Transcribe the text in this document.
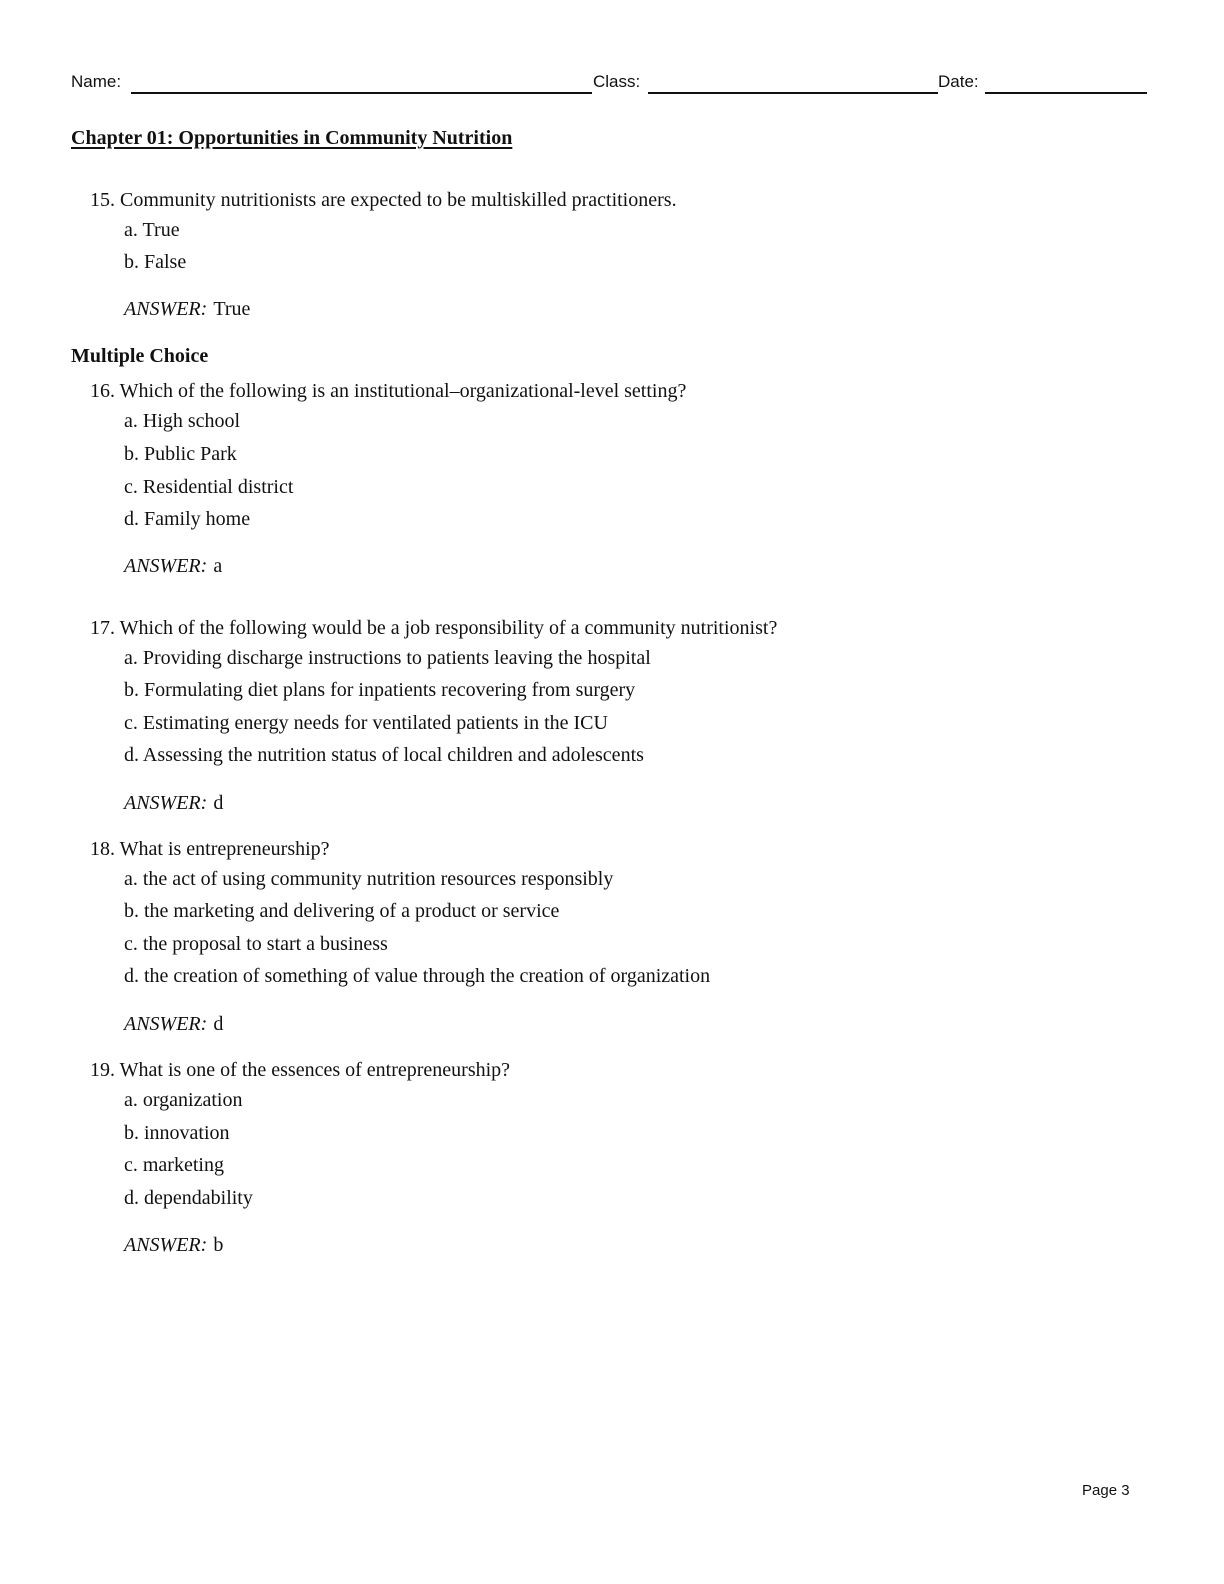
Name:	Class:	Date:
Chapter 01: Opportunities in Community Nutrition
15. Community nutritionists are expected to be multiskilled practitioners.
a. True
b. False
ANSWER: True
Multiple Choice
16. Which of the following is an institutional–organizational-level setting?
a. High school
b. Public Park
c. Residential district
d. Family home
ANSWER: a
17. Which of the following would be a job responsibility of a community nutritionist?
a. Providing discharge instructions to patients leaving the hospital
b. Formulating diet plans for inpatients recovering from surgery
c. Estimating energy needs for ventilated patients in the ICU
d. Assessing the nutrition status of local children and adolescents
ANSWER: d
18. What is entrepreneurship?
a. the act of using community nutrition resources responsibly
b. the marketing and delivering of a product or service
c. the proposal to start a business
d. the creation of something of value through the creation of organization
ANSWER: d
19. What is one of the essences of entrepreneurship?
a. organization
b. innovation
c. marketing
d. dependability
ANSWER: b
Page 3
